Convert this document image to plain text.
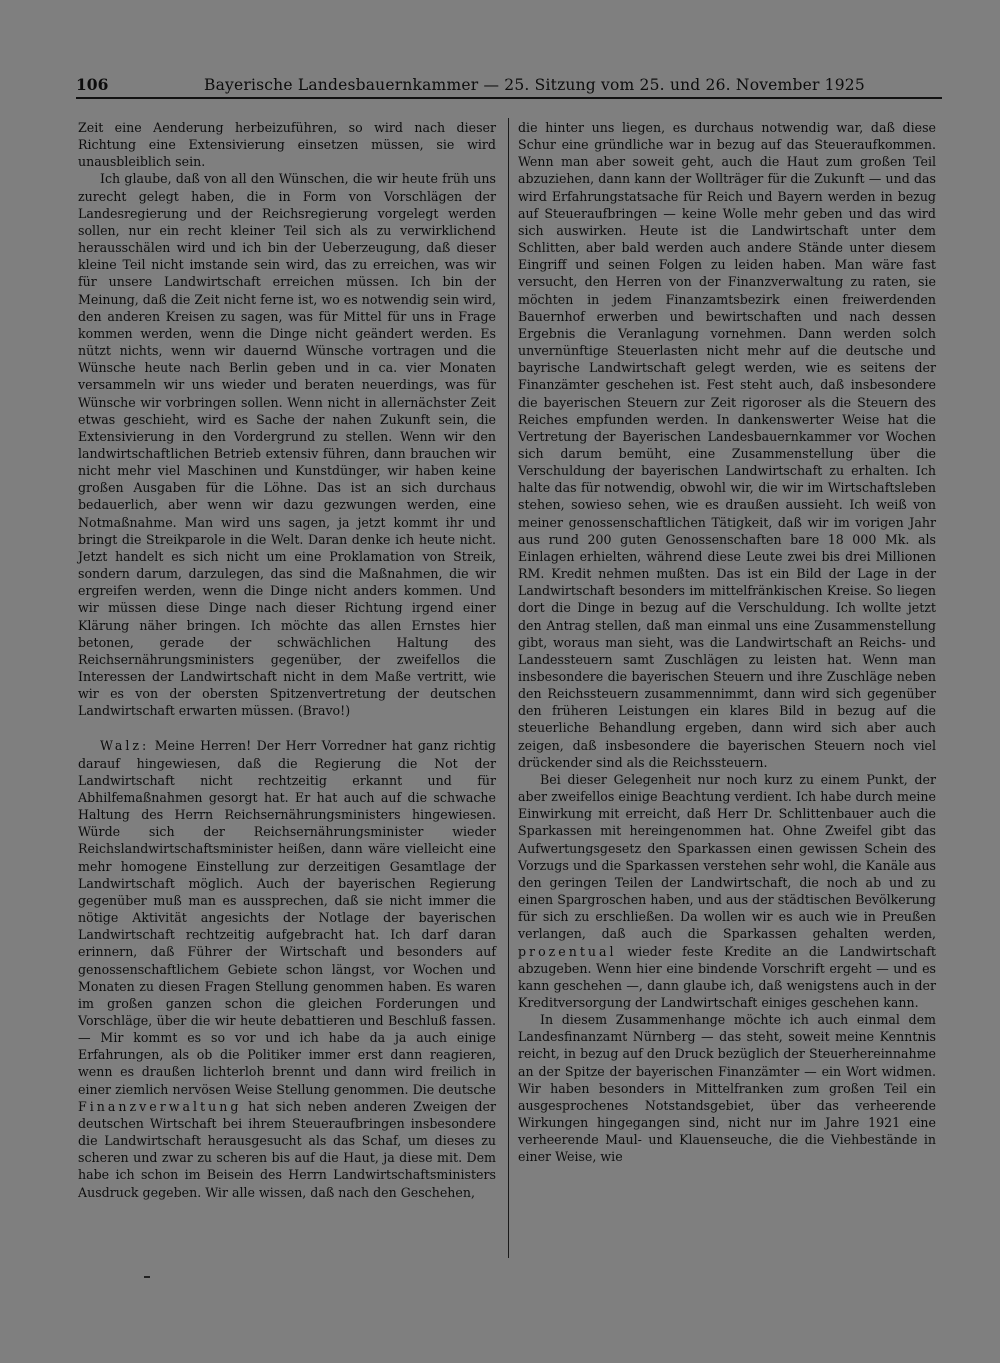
106	Bayerische Landesbauernkammer — 25. Sitzung vom 25. und 26. November 1925

Zeit eine Aenderung herbeizuführen, so wird nach dieser Richtung eine Extensivierung einsetzen müssen, sie wird unausbleiblich sein.

Ich glaube, daß von all den Wünschen, die wir heute früh uns zurecht gelegt haben, die in Form von Vorschlägen der Landesregierung und der Reichsregierung vorgelegt werden sollen, nur ein recht kleiner Teil sich als zu verwirklichend herausschälen wird und ich bin der Ueberzeugung, daß dieser kleine Teil nicht imstande sein wird, das zu erreichen, was wir für unsere Landwirtschaft erreichen müssen. Ich bin der Meinung, daß die Zeit nicht ferne ist, wo es notwendig sein wird, den anderen Kreisen zu sagen, was für Mittel für uns in Frage kommen werden, wenn die Dinge nicht geändert werden. Es nützt nichts, wenn wir dauernd Wünsche vortragen und die Wünsche heute nach Berlin geben und in ca. vier Monaten versammeln wir uns wieder und beraten neuerdings, was für Wünsche wir vorbringen sollen. Wenn nicht in allernächster Zeit etwas geschieht, wird es Sache der nahen Zukunft sein, die Extensivierung in den Vordergrund zu stellen. Wenn wir den landwirtschaftlichen Betrieb extensiv führen, dann brauchen wir nicht mehr viel Maschinen und Kunstdünger, wir haben keine großen Ausgaben für die Löhne. Das ist an sich durchaus bedauerlich, aber wenn wir dazu gezwungen werden, eine Notmaßnahme. Man wird uns sagen, ja jetzt kommt ihr und bringt die Streikparole in die Welt. Daran denke ich heute nicht. Jetzt handelt es sich nicht um eine Proklamation von Streik, sondern darum, darzulegen, das sind die Maßnahmen, die wir ergreifen werden, wenn die Dinge nicht anders kommen. Und wir müssen diese Dinge nach dieser Richtung irgend einer Klärung näher bringen. Ich möchte das allen Ernstes hier betonen, gerade der schwächlichen Haltung des Reichsernährungsministers gegenüber, der zweifellos die Interessen der Landwirtschaft nicht in dem Maße vertritt, wie wir es von der obersten Spitzenvertretung der deutschen Landwirtschaft erwarten müssen. (Bravo!)

Walz: Meine Herren! Der Herr Vorredner hat ganz richtig darauf hingewiesen, daß die Regierung die Not der Landwirtschaft nicht rechtzeitig erkannt und für Abhilfemaßnahmen gesorgt hat. Er hat auch auf die schwache Haltung des Herrn Reichsernährungsministers hingewiesen. Würde sich der Reichsernährungsminister wieder Reichslandwirtschaftsminister heißen, dann wäre vielleicht eine mehr homogene Einstellung zur derzeitigen Gesamtlage der Landwirtschaft möglich. Auch der bayerischen Regierung gegenüber muß man es aussprechen, daß sie nicht immer die nötige Aktivität angesichts der Notlage der bayerischen Landwirtschaft rechtzeitig aufgebracht hat. Ich darf daran erinnern, daß Führer der Wirtschaft und besonders auf genossenschaftlichem Gebiete schon längst, vor Wochen und Monaten zu diesen Fragen Stellung genommen haben. Es waren im großen ganzen schon die gleichen Forderungen und Vorschläge, über die wir heute debattieren und Beschluß fassen. — Mir kommt es so vor und ich habe da ja auch einige Erfahrungen, als ob die Politiker immer erst dann reagieren, wenn es draußen lichterloh brennt und dann wird freilich in einer ziemlich nervösen Weise Stellung genommen. Die deutsche Finanzverwaltung hat sich neben anderen Zweigen der deutschen Wirtschaft bei ihrem Steueraufbringen insbesondere die Landwirtschaft herausgesucht als das Schaf, um dieses zu scheren und zwar zu scheren bis auf die Haut, ja diese mit. Dem habe ich schon im Beisein des Herrn Landwirtschaftsministers Ausdruck gegeben. Wir alle wissen, daß nach den Geschehen,

die hinter uns liegen, es durchaus notwendig war, daß diese Schur eine gründliche war in bezug auf das Steueraufkommen. Wenn man aber soweit geht, auch die Haut zum großen Teil abzuziehen, dann kann der Wollträger für die Zukunft — und das wird Erfahrungstatsache für Reich und Bayern werden in bezug auf Steueraufbringen — keine Wolle mehr geben und das wird sich auswirken. Heute ist die Landwirtschaft unter dem Schlitten, aber bald werden auch andere Stände unter diesem Eingriff und seinen Folgen zu leiden haben. Man wäre fast versucht, den Herren von der Finanzverwaltung zu raten, sie möchten in jedem Finanzamtsbezirk einen freiwerdenden Bauernhof erwerben und bewirtschaften und nach dessen Ergebnis die Veranlagung vornehmen. Dann werden solch unvernünftige Steuerlasten nicht mehr auf die deutsche und bayrische Landwirtschaft gelegt werden, wie es seitens der Finanzämter geschehen ist. Fest steht auch, daß insbesondere die bayerischen Steuern zur Zeit rigoroser als die Steuern des Reiches empfunden werden. In dankenswerter Weise hat die Vertretung der Bayerischen Landesbauernkammer vor Wochen sich darum bemüht, eine Zusammenstellung über die Verschuldung der bayerischen Landwirtschaft zu erhalten. Ich halte das für notwendig, obwohl wir, die wir im Wirtschaftsleben stehen, sowieso sehen, wie es draußen aussieht. Ich weiß von meiner genossenschaftlichen Tätigkeit, daß wir im vorigen Jahr aus rund 200 guten Genossenschaften bare 18 000 Mk. als Einlagen erhielten, während diese Leute zwei bis drei Millionen RM. Kredit nehmen mußten. Das ist ein Bild der Lage in der Landwirtschaft besonders im mittelfränkischen Kreise. So liegen dort die Dinge in bezug auf die Verschuldung. Ich wollte jetzt den Antrag stellen, daß man einmal uns eine Zusammenstellung gibt, woraus man sieht, was die Landwirtschaft an Reichs- und Landessteuern samt Zuschlägen zu leisten hat. Wenn man insbesondere die bayerischen Steuern und ihre Zuschläge neben den Reichssteuern zusammennimmt, dann wird sich gegenüber den früheren Leistungen ein klares Bild in bezug auf die steuerliche Behandlung ergeben, dann wird sich aber auch zeigen, daß insbesondere die bayerischen Steuern noch viel drückender sind als die Reichssteuern.

Bei dieser Gelegenheit nur noch kurz zu einem Punkt, der aber zweifellos einige Beachtung verdient. Ich habe durch meine Einwirkung mit erreicht, daß Herr Dr. Schlittenbauer auch die Sparkassen mit hereingenommen hat. Ohne Zweifel gibt das Aufwertungsgesetz den Sparkassen einen gewissen Schein des Vorzugs und die Sparkassen verstehen sehr wohl, die Kanäle aus den geringen Teilen der Landwirtschaft, die noch ab und zu einen Spargroschen haben, und aus der städtischen Bevölkerung für sich zu erschließen. Da wollen wir es auch wie in Preußen verlangen, daß auch die Sparkassen gehalten werden, prozentual wieder feste Kredite an die Landwirtschaft abzugeben. Wenn hier eine bindende Vorschrift ergeht — und es kann geschehen —, dann glaube ich, daß wenigstens auch in der Kreditversorgung der Landwirtschaft einiges geschehen kann.

In diesem Zusammenhange möchte ich auch einmal dem Landesfinanzamt Nürnberg — das steht, soweit meine Kenntnis reicht, in bezug auf den Druck bezüglich der Steuerhereinnahme an der Spitze der bayerischen Finanzämter — ein Wort widmen. Wir haben besonders in Mittelfranken zum großen Teil ein ausgesprochenes Notstandsgebiet, über das verheerende Wirkungen hingegangen sind, nicht nur im Jahre 1921 eine verheerende Maul- und Klauenseuche, die die Viehbestände in einer Weise, wie
